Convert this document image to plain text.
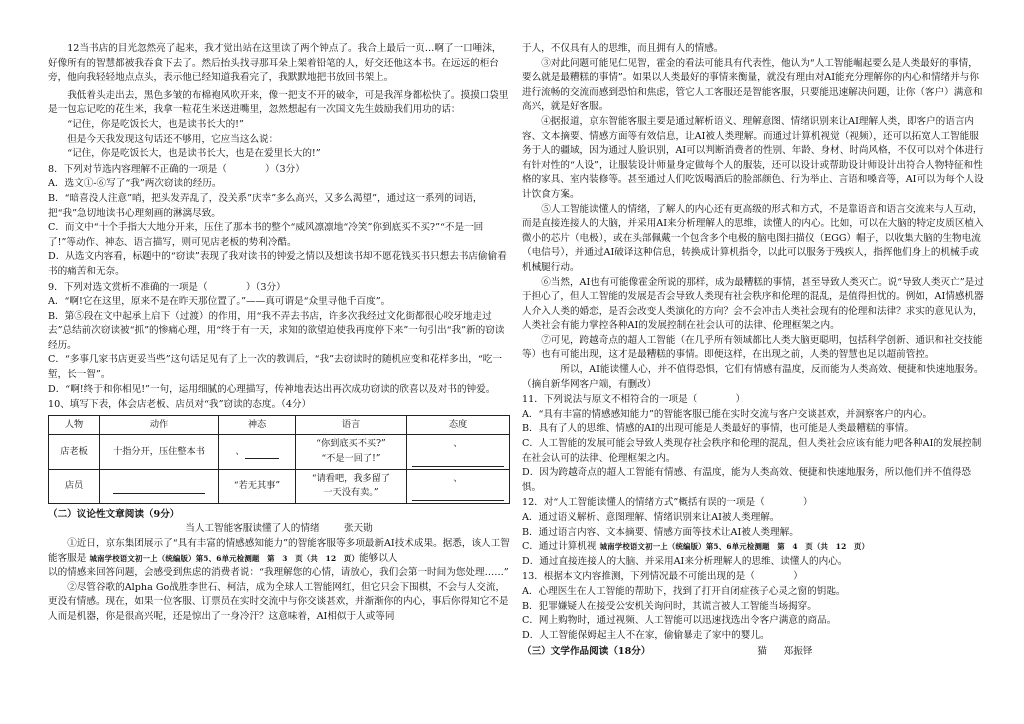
12当书店的目光忽然亮了起来，我才觉出站在这里读了两个钟点了。我合上最后一页…啊了一口唾沫，好像所有的智慧都被我吞食下去了。然后抬头找寻那耳朵上架着铅笔的人，好交还他这本书。在远远的柜台旁，他向我轻轻地点点头，表示他已经知道我看完了，我默默地把书放回书架上。

我低着头走出去，黑色多皱的布棉袍风吹开来，像一把支不开的破伞，可是我浑身都松快了。摸摸口袋里是一包忘记吃的花生米，我拿一粒花生米送进嘴里，忽然想起有一次国文先生鼓励我们用功的话：

“记住，你是吃饭长大，也是读书长大的!”

但是今天我发现这句话还不够用，它应当这么说：

“记住，你是吃饭长大，也是读书长大，也是在爱里长大的!”

8．下列对节选内容理解不正确的一项是（　　　　）（3分）

A．选文①-⑥写了“我”两次窃读的经历。

B．“暗喜没人注意”哨，把头发弄乱了，没关系”庆幸”多么高兴，又多么渴望”，通过这一系列的词语，把“我”急切地读书心理刻画的淋漓尽致。

C．而文中“十个手指大大地分开来，压住了那本书的整个“威风凛凛地“冷笑”你到底买不买?”“不是一回了!”等动作、神态、语言描写，则可见店老板的势利冷酷。

D．从选文内容看，标题中的“窃读”表现了我对读书的钟爱之情以及想读书却不愿花钱买书只想去书店偷偷看书的痛苦和无奈。

9．下列对选文赏析不准确的一项是（　　　　）（3分）

A．“啊!它在这里，原来不是在昨天那位置了。”——真可谓是“众里寻他千百度”。

B．第⑤段在文中起承上启下（过渡）的作用，用“我不弄去书店，许多次我经过文化街都很心咬牙地走过去”总结前次窃读被“抓”的惨痛心理，用“终于有一天，求知的欲望迫使我再度停下来”一句引出“我”新的窃读经历。

C．“多事几家书店更妥当些”这句话足见有了上一次的教训后，“我”去窃读时的随机应变和花样多出，“吃一堑，长一智”。

D．“啊!终于和你相见!”一句，运用细腻的心理描写，传神地表达出再次成功窃读的欣喜以及对书的钟爱。

10、填写下表，体会店老板、店员对“我”窃读的态度。（4分）

人物	动作	神态	语言	态度
店老板	十指分开，压住整本书	、	“你到底买不买?”
“不是一回了!”	、
店员		“若无其事”	“请看吧，我多留了
一天没有卖。”	、

（二）议论性文章阅读（9分）

当人工智能客服读懂了人的情绪	张天勋

①近日，京东集团展示了“具有丰富的情感感知能力”的智能客服等多项最新AI技术成果。据悉，该人工智能客服是 城南学校语文初一上（统编版）第5、6单元检测题　第　3　页（共　12　页）能够以人

以的情感来回答问题，会感受到焦虑的消费者说：“我理解您的心情，请放心，我们会第一时间为您处理……”

②尽管谷歌的Alpha Go战胜李世石、柯洁，成为全球人工智能网红，但它只会下围棋，不会与人交流，更没有情感。现在，如果一位客服、订票员在实时交流中与你交谈甚欢，并渐渐你的内心，事后你得知它不是人而是机器，你是很高兴呢，还是惊出了一身冷汗？这意味着，AI相似于人或等同

于人，不仅具有人的思维，而且拥有人的情感。

③对此问题可能见仁见智，霍金的看法可能具有代表性，他认为“人工智能崛起要么是人类最好的事情，要么就是最糟糕的事情”。如果以人类最好的事情来衡量，就没有理由对AI能充分理解你的内心和情绪并与你进行流畅的交流而感到恐怕和焦虑，管它人工客服还是智能客服，只要能迅速解决问题，让你（客户）满意和高兴，就是好客服。

④据报道，京东智能客服主要是通过解析语义、理解意图、情绪识别来让AI理解人类，即客户的语言内容、文本摘要、情感方面等有效信息，让AI被人类理解。而通过计算机视觉（视频），还可以拓宽人工智能服务于人的疆域，因为通过人脸识别，AI可以判断消费者的性别、年龄、身材、时尚风格，不仅可以对个体进行有针对性的“人设”，让服装设计师量身定做每个人的服装，还可以设计或帮助设计师设计出符合人物特征和性格的家具、室内装修等。甚至通过人们吃饭喝酒后的脸部颜色、行为举止、言语和嗓音等，AI可以为每个人设计饮食方案。

⑤人工智能读懂人的情绪，了解人的内心还有更高级的形式和方式，不是靠语音和语言交流来与人互动，而是直接连接人的大脑，并采用AI来分析理解人的思维，读懂人的内心。比如，可以在大脑的特定皮质区植入微小的芯片（电极），或在头部佩戴一个包含多个电极的脑电图扫描仪（EGG）帽子，以收集大脑的生物电流（电信号），并通过AI破译这种信息，转换成计算机指令，以此可以服务于残疾人，指挥他们身上的机械手或机械腿行动。

⑥当然，AI也有可能像霍金所说的那样，成为最糟糕的事情，甚至导致人类灭亡。说“导致人类灭亡”是过于担心了，但人工智能的发展是否会导致人类现有社会秩序和伦理的混乱，是值得担忧的。例如，AI情感机器人介入人类的婚恋，是否会改变人类演化的方向？会不会冲击人类社会现有的伦理和法律？求实的意见认为，人类社会有能力掌控各种AI的发展控制在社会认可的法律、伦理框架之内。

⑦可见，跨越奇点的超人工智能（在几乎所有领域都比人类大脑更聪明，包括科学创新、通识和社交技能等）也有可能出现，这才是最糟糕的事情。即便这样，在出现之前，人类的智慧也足以超前管控。

所以，AI能读懂人心，并不值得恐惧，它们有情感有温度，反而能为人类高效、便捷和快速地服务。（摘自新华网客户端，有删改）

11．下列说法与原文不相符合的一项是（　　　　）

A．“具有丰富的情感感知能力”的智能客服已能在实时交流与客户交谈甚欢，并洞察客户的内心。

B．具有了人的思维、情感的AI的出现可能是人类最好的事情，也可能是人类最糟糕的事情。

C．人工智能的发展可能会导致人类现存社会秩序和伦理的混乱，但人类社会应该有能力吧各种AI的发展控制在社会认可的法律、伦理框架之内。

D．因为跨越奇点的超人工智能有情感、有温度，能为人类高效、便捷和快速地服务，所以他们并不值得恐惧。

12．对“人工智能读懂人的情绪方式”概括有误的一项是（　　　　）

A．通过语义解析、意图理解、情绪识别来让AI被人类理解。

B．通过语言内容、文本摘要、情感方面等技术让AI被人类理解。

C．通过计算机视 城南学校语文初一上（统编版）第5、6单元检测题　第　4　页（共　12　页）

D．通过直接连接人的大脑、并采用AI来分析理解人的思维、读懂人的内心。

13．根据本文内容推测，下列情况最不可能出现的是（　　　　）

A．心理医生在人工智能的帮助下，找到了打开自闭症孩子心灵之窗的钥匙。

B．犯罪嫌疑人在接受公安机关询问时，其谎言被人工智能当场揭穿。

C．网上购物时，通过视频、人工智能可以迅速找选出令客户满意的商品。

D．人工智能保姆起主人不在家，偷偷暴走了家中的婴儿。

（三）文学作品阅读（18分）	猫 郑振铎
